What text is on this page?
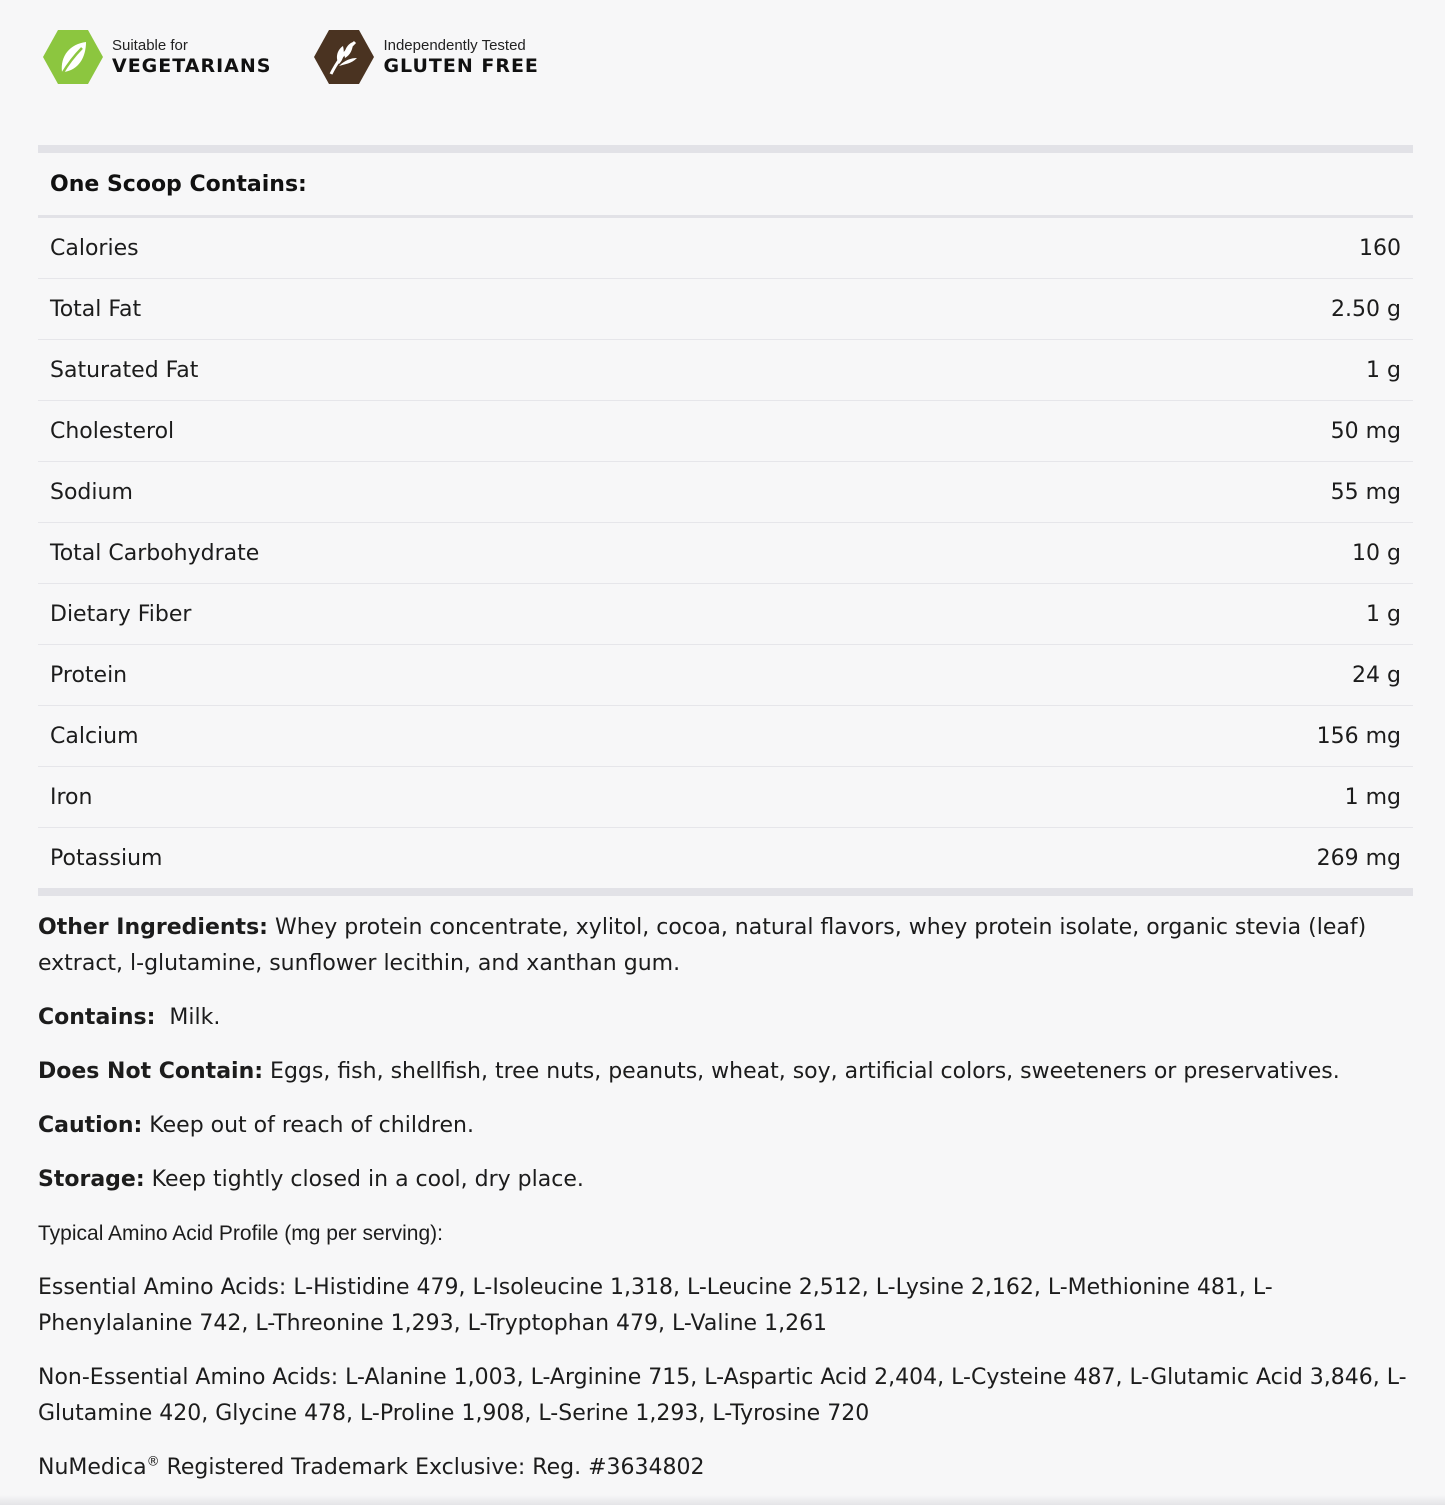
Suitable for
VEGETARIANS
Independently Tested
GLUTEN FREE
One Scoop Contains:
Calories	160
Total Fat	2.50 g
Saturated Fat	1 g
Cholesterol	50 mg
Sodium	55 mg
Total Carbohydrate	10 g
Dietary Fiber	1 g
Protein	24 g
Calcium	156 mg
Iron	1 mg
Potassium	269 mg

Other Ingredients: Whey protein concentrate, xylitol, cocoa, natural flavors, whey protein isolate, organic stevia (leaf) extract, l-glutamine, sunflower lecithin, and xanthan gum.

Contains:  Milk.

Does Not Contain: Eggs, fish, shellfish, tree nuts, peanuts, wheat, soy, artificial colors, sweeteners or preservatives.

Caution: Keep out of reach of children.

Storage: Keep tightly closed in a cool, dry place.

Typical Amino Acid Profile (mg per serving):

Essential Amino Acids: L-Histidine 479, L-Isoleucine 1,318, L-Leucine 2,512, L-Lysine 2,162, L-Methionine 481, L-Phenylalanine 742, L-Threonine 1,293, L-Tryptophan 479, L-Valine 1,261

Non-Essential Amino Acids: L-Alanine 1,003, L-Arginine 715, L-Aspartic Acid 2,404, L-Cysteine 487, L-Glutamic Acid 3,846, L-Glutamine 420, Glycine 478, L-Proline 1,908, L-Serine 1,293, L-Tyrosine 720

NuMedica® Registered Trademark Exclusive: Reg. #3634802
